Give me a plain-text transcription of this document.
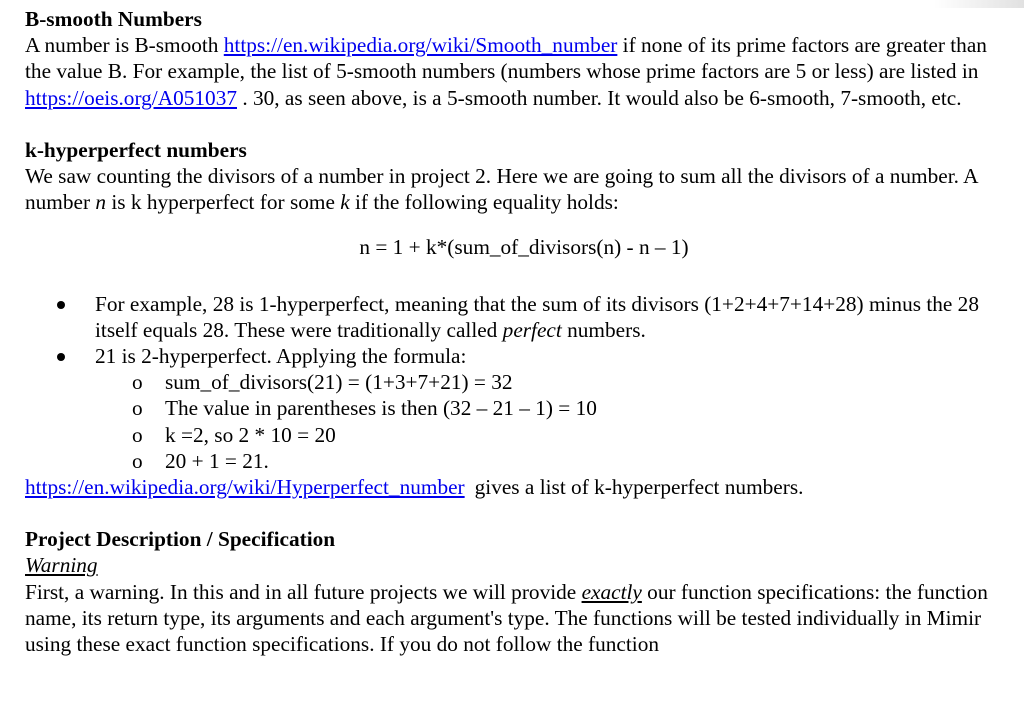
B-smooth Numbers

A number is B-smooth https://en.wikipedia.org/wiki/Smooth_number if none of its prime factors are greater than the value B. For example, the list of 5-smooth numbers (numbers whose prime factors are 5 or less) are listed in https://oeis.org/A051037 . 30, as seen above, is a 5-smooth number. It would also be 6-smooth, 7-smooth, etc.

k-hyperperfect numbers

We saw counting the divisors of a number in project 2. Here we are going to sum all the divisors of a number. A number n is k hyperperfect for some k if the following equality holds:

n = 1 + k*(sum_of_divisors(n) - n – 1)

For example, 28 is 1-hyperperfect, meaning that the sum of its divisors (1+2+4+7+14+28) minus the 28 itself equals 28. These were traditionally called perfect numbers.
21 is 2-hyperperfect. Applying the formula:
o sum_of_divisors(21) = (1+3+7+21) = 32
o The value in parentheses is then (32 – 21 – 1) = 10
o k =2, so 2 * 10 = 20
o 20 + 1 = 21.

https://en.wikipedia.org/wiki/Hyperperfect_number gives a list of k-hyperperfect numbers.

Project Description / Specification

Warning

First, a warning. In this and in all future projects we will provide exactly our function specifications: the function name, its return type, its arguments and each argument's type. The functions will be tested individually in Mimir using these exact function specifications. If you do not follow the function
